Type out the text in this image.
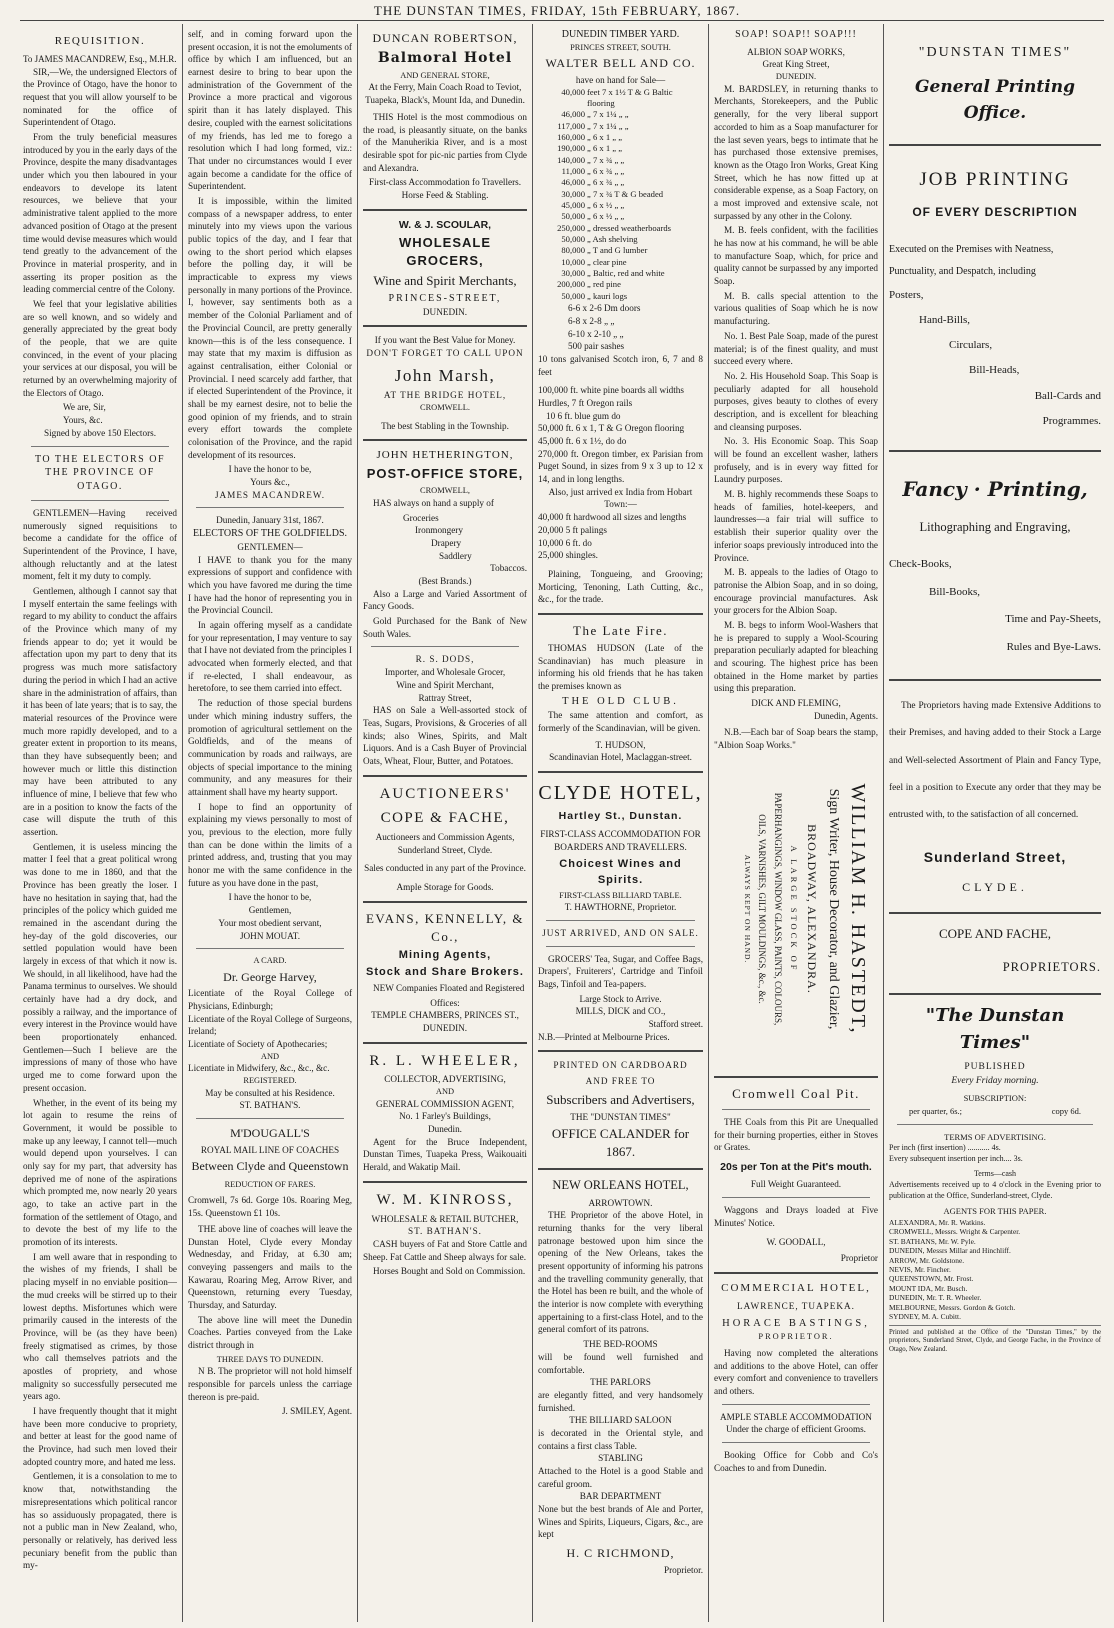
THE DUNSTAN TIMES, FRIDAY, 15th FEBRUARY, 1867.
REQUISITION.
To JAMES MACANDREW, Esq., M.H.R.
SIR,—We, the undersigned Electors of the Province of Otago, have the honor to request that you will allow yourself to be nominated for the office of Superintendent of Otago.
From the truly beneficial measures introduced by you in the early days of the Province, despite the many disadvantages under which you then laboured in your endeavors to develope its latent resources, we believe that your administrative talent applied to the more advanced position of Otago at the present time would devise measures which would tend greatly to the advancement of the Province in material prosperity, and in asserting its proper position as the leading commercial centre of the Colony.
We feel that your legislative abilities are so well known, and so widely and generally appreciated by the great body of the people, that we are quite convinced, in the event of your placing your services at our disposal, you will be returned by an overwhelming majority of the Electors of Otago.
We are, Sir,
Yours, &c.
Signed by above 150 Electors.
TO THE ELECTORS OF THE PROVINCE OF OTAGO.
GENTLEMEN—Having received numerously signed requisitions to become a candidate for the office of Superintendent of the Province, I have, although reluctantly and at the latest moment, felt it my duty to comply.
Gentlemen, although I cannot say that I myself entertain the same feelings with regard to my ability to conduct the affairs of the Province which many of my friends appear to do; yet it would be affectation upon my part to deny that its progress was much more satisfactory during the period in which I had an active share in the administration of affairs, than it has been of late years; that is to say, the material resources of the Province were much more rapidly developed, and to a greater extent in proportion to its means, than they have subsequently been; and however much or little this distinction may have been attributed to any influence of mine, I believe that few who are in a position to know the facts of the case will dispute the truth of this assertion.
Gentlemen, it is useless mincing the matter I feel that a great political wrong was done to me in 1860, and that the Province has been greatly the loser. I have no hesitation in saying that, had the principles of the policy which guided me remained in the ascendant during the hey-day of the gold discoveries, our settled population would have been largely in excess of that which it now is. We should, in all likelihood, have had the Panama terminus to ourselves. We should certainly have had a dry dock, and possibly a railway, and the importance of every interest in the Province would have been proportionately enhanced. Gentlemen—Such I believe are the impressions of many of those who have urged me to come forward upon the present occasion.
Whether, in the event of its being my lot again to resume the reins of Government, it would be possible to make up any leeway, I cannot tell—much would depend upon yourselves. I can only say for my part, that adversity has deprived me of none of the aspirations which prompted me, now nearly 20 years ago, to take an active part in the formation of the settlement of Otago, and to devote the best of my life to the promotion of its interests.
I am well aware that in responding to the wishes of my friends, I shall be placing myself in no enviable position—the mud creeks will be stirred up to their lowest depths. Misfortunes which were primarily caused in the interests of the Province, will be (as they have been) freely stigmatised as crimes, by those who call themselves patriots and the apostles of propriety, and whose malignity so successfully persecuted me years ago.
I have frequently thought that it might have been more conducive to propriety, and better at least for the good name of the Province, had such men loved their adopted country more, and hated me less.
Gentlemen, it is a consolation to me to know that, notwithstanding the misrepresentations which political rancor has so assiduously propagated, there is not a public man in New Zealand, who, personally or relatively, has derived less pecuniary benefit from the public than my-
self, and in coming forward upon the present occasion, it is not the emoluments of office by which I am influenced, but an earnest desire to bring to bear upon the administration of the Government of the Province a more practical and vigorous spirit than it has lately displayed. This desire, coupled with the earnest solicitations of my friends, has led me to forego a resolution which I had long formed, viz.: That under no circumstances would I ever again become a candidate for the office of Superintendent.
It is impossible, within the limited compass of a newspaper address, to enter minutely into my views upon the various public topics of the day, and I fear that owing to the short period which elapses before the polling day, it will be impracticable to express my views personally in many portions of the Province. I, however, say sentiments both as a member of the Colonial Parliament and of the Provincial Council, are pretty generally known—this is of the less consequence. I may state that my maxim is diffusion as against centralisation, either Colonial or Provincial. I need scarcely add farther, that if elected Superintendent of the Province, it shall be my earnest desire, not to belie the good opinion of my friends, and to strain every effort towards the complete colonisation of the Province, and the rapid development of its resources.
I have the honor to be,
Yours &c.,
JAMES MACANDREW.
Dunedin, January 31st, 1867.
ELECTORS OF THE GOLDFIELDS.
GENTLEMEN—
I HAVE to thank you for the many expressions of support and confidence with which you have favored me during the time I have had the honor of representing you in the Provincial Council.
In again offering myself as a candidate for your representation, I may venture to say that I have not deviated from the principles I advocated when formerly elected, and that if re-elected, I shall endeavour, as heretofore, to see them carried into effect.
The reduction of those special burdens under which mining industry suffers, the promotion of agricultural settlement on the Goldfields, and of the means of communication by roads and railways, are objects of special importance to the mining community, and any measures for their attainment shall have my hearty support.
I hope to find an opportunity of explaining my views personally to most of you, previous to the election, more fully than can be done within the limits of a printed address, and, trusting that you may honor me with the same confidence in the future as you have done in the past,
I have the honor to be,
Gentlemen,
Your most obedient servant,
JOHN MOUAT.
A CARD.
Dr. George Harvey,
Licentiate of the Royal College of Physicians, Edinburgh;
Licentiate of the Royal College of Surgeons, Ireland;
Licentiate of Society of Apothecaries;
AND
Licentiate in Midwifery, &c., &c., &c.
REGISTERED.
May be consulted at his Residence.
ST. BATHAN'S.
M'DOUGALL'S
ROYAL MAIL LINE OF COACHES
Between Clyde and Queenstown
REDUCTION OF FARES.
Cromwell, 7s 6d. Gorge 10s. Roaring Meg, 15s. Queenstown £1 10s.
THE above line of coaches will leave the Dunstan Hotel, Clyde every Monday Wednesday, and Friday, at 6.30 am; conveying passengers and mails to the Kawarau, Roaring Meg, Arrow River, and Queenstown, returning every Tuesday, Thursday, and Saturday.
The above line will meet the Dunedin Coaches. Parties conveyed from the Lake district through in
THREE DAYS TO DUNEDIN.
N B. The proprietor will not hold himself responsible for parcels unless the carriage thereon is pre-paid.
J. SMILEY, Agent.
DUNCAN ROBERTSON,
Balmoral Hotel
AND GENERAL STORE,
At the Ferry, Main Coach Road to Teviot, Tuapeka, Black's, Mount Ida, and Dunedin.
THIS Hotel is the most commodious on the road, is pleasantly situate, on the banks of the Manuherikia River, and is a most desirable spot for pic-nic parties from Clyde and Alexandra.
First-class Accommodation fo Travellers.
Horse Feed & Stabling.
W. & J. SCOULAR,
WHOLESALE GROCERS,
Wine and Spirit Merchants,
PRINCES-STREET,
DUNEDIN.
If you want the Best Value for Money.
DON'T FORGET TO CALL UPON
John Marsh,
AT THE BRIDGE HOTEL,
CROMWELL.
The best Stabling in the Township.
JOHN HETHERINGTON,
POST-OFFICE STORE,
CROMWELL,
HAS always on hand a supply of
Groceries
Ironmongery
Drapery
Saddlery
Tobaccos.
(Best Brands.)
Also a Large and Varied Assortment of Fancy Goods.
Gold Purchased for the Bank of New South Wales.
R. S. DODS,
Importer, and Wholesale Grocer,
Wine and Spirit Merchant,
Rattray Street,
HAS on Sale a Well-assorted stock of Teas, Sugars, Provisions, & Groceries of all kinds; also Wines, Spirits, and Malt Liquors. And is a Cash Buyer of Provincial Oats, Wheat, Flour, Butter, and Potatoes.
AUCTIONEERS'
COPE & FACHE,
Auctioneers and Commission Agents,
Sunderland Street, Clyde.
Sales conducted in any part of the Province.
Ample Storage for Goods.
EVANS, KENNELLY, & Co.,
Mining Agents,
Stock and Share Brokers.
NEW Companies Floated and Registered
Offices:
TEMPLE CHAMBERS, PRINCES ST.,
DUNEDIN.
R. L. WHEELER,
COLLECTOR, ADVERTISING,
AND
GENERAL COMMISSION AGENT,
No. 1 Farley's Buildings,
Dunedin.
Agent for the Bruce Independent, Dunstan Times, Tuapeka Press, Waikouaiti Herald, and Wakatip Mail.
W. M. KINROSS,
WHOLESALE & RETAIL BUTCHER,
ST. BATHAN'S.
CASH buyers of Fat and Store Cattle and Sheep. Fat Cattle and Sheep always for sale.
Horses Bought and Sold on Commission.
DUNEDIN TIMBER YARD.
PRINCES STREET, SOUTH.
WALTER BELL AND CO.
have on hand for Sale—
40,000	feet 7 x 1½ T & G Baltic flooring
46,000	„ 7 x 1¼ „ „
117,000	„ 7 x 1¼ „ „
160,000	„ 6 x 1 „ „
190,000	„ 6 x 1 „ „
140,000	„ 7 x ¾ „ „
11,000	„ 6 x ¾ „ „
46,000	„ 6 x ¾ „ „
30,000	„ 7 x ¾ T & G beaded
45,000	„ 6 x ½ „ „
50,000	„ 6 x ½ „ „
250,000	„ dressed weatherboards
50,000	„ Ash shelving
80,000	„ T and G lumber
10,000	„ clear pine
30,000	„ Baltic, red and white
200,000	„ red pine
50,000	„ kauri logs
6-6 x 2-6 Dm doors
6-8 x 2-8 „ „
6-10 x 2-10 „ „
500 pair sashes
10 tons galvanised Scotch iron, 6, 7 and 8 feet
100,000 ft. white pine boards all widths
Hurdles, 7 ft Oregon rails
10 6 ft. blue gum do
50,000 ft. 6 x 1, T & G Oregon flooring
45,000 ft. 6 x 1½, do do
270,000 ft. Oregon timber, ex Parisian from Puget Sound, in sizes from 9 x 3 up to 12 x 14, and in long lengths.
Also, just arrived ex India from Hobart Town:—
40,000 ft hardwood all sizes and lengths
20,000 5 ft palings
10,000 6 ft. do
25,000 shingles.
Plaining, Tongueing, and Grooving; Morticing, Tenoning, Lath Cutting, &c., &c., for the trade.
The Late Fire.
THOMAS HUDSON (Late of the Scandinavian) has much pleasure in informing his old friends that he has taken the premises known as
THE OLD CLUB.
The same attention and comfort, as formerly of the Scandinavian, will be given.
T. HUDSON,
Scandinavian Hotel, Maclaggan-street.
CLYDE HOTEL,
Hartley St., Dunstan.
FIRST-CLASS ACCOMMODATION FOR BOARDERS AND TRAVELLERS.
Choicest Wines and Spirits.
FIRST-CLASS BILLIARD TABLE.
T. HAWTHORNE, Proprietor.
JUST ARRIVED, AND ON SALE.
GROCERS' Tea, Sugar, and Coffee Bags, Drapers', Fruiterers', Cartridge and Tinfoil Bags, Tinfoil and Tea-papers.
Large Stock to Arrive.
MILLS, DICK and CO.,
Stafford street.
N.B.—Printed at Melbourne Prices.
PRINTED ON CARDBOARD
AND FREE TO
Subscribers and Advertisers,
THE "DUNSTAN TIMES"
OFFICE CALANDER for 1867.
NEW ORLEANS HOTEL,
ARROWTOWN.
THE Proprietor of the above Hotel, in returning thanks for the very liberal patronage bestowed upon him since the opening of the New Orleans, takes the present opportunity of informing his patrons and the travelling community generally, that the Hotel has been re built, and the whole of the interior is now complete with everything appertaining to a first-class Hotel, and to the general comfort of its patrons.
THE BED-ROOMS
will be found well furnished and comfortable.
THE PARLORS
are elegantly fitted, and very handsomely furnished.
THE BILLIARD SALOON
is decorated in the Oriental style, and contains a first class Table.
STABLING
Attached to the Hotel is a good Stable and careful groom.
BAR DEPARTMENT
None but the best brands of Ale and Porter, Wines and Spirits, Liqueurs, Cigars, &c., are kept
H. C RICHMOND,
Proprietor.
SOAP! SOAP!! SOAP!!!
ALBION SOAP WORKS,
Great King Street,
DUNEDIN.
M. BARDSLEY, in returning thanks to Merchants, Storekeepers, and the Public generally, for the very liberal support accorded to him as a Soap manufacturer for the last seven years, begs to intimate that he has purchased those extensive premises, known as the Otago Iron Works, Great King Street, which he has now fitted up at considerable expense, as a Soap Factory, on a most improved and extensive scale, not surpassed by any other in the Colony.
M. B. feels confident, with the facilities he has now at his command, he will be able to manufacture Soap, which, for price and quality cannot be surpassed by any imported Soap.
M. B. calls special attention to the various qualities of Soap which he is now manufacturing.
No. 1. Best Pale Soap, made of the purest material; is of the finest quality, and must succeed every where.
No. 2. His Household Soap. This Soap is peculiarly adapted for all household purposes, gives beauty to clothes of every description, and is excellent for bleaching and cleansing purposes.
No. 3. His Economic Soap. This Soap will be found an excellent washer, lathers profusely, and is in every way fitted for Laundry purposes.
M. B. highly recommends these Soaps to heads of families, hotel-keepers, and laundresses—a fair trial will suffice to establish their superior quality over the inferior soaps previously introduced into the Province.
M. B. appeals to the ladies of Otago to patronise the Albion Soap, and in so doing, encourage provincial manufactures. Ask your grocers for the Albion Soap.
M. B. begs to inform Wool-Washers that he is prepared to supply a Wool-Scouring preparation peculiarly adapted for bleaching and scouring. The highest price has been obtained in the Home market by parties using this preparation.
DICK AND FLEMING,
Dunedin, Agents.
N.B.—Each bar of Soap bears the stamp, "Albion Soap Works."
WILLIAM H. HASTEDT,
Sign Writer, House Decorator, and Glazier,
BROADWAY, ALEXANDRA.
A LARGE STOCK OF
PAPERHANGINGS, WINDOW GLASS, PAINTS, COLOURS,
OILS, VARNISHES, GILT MOULDINGS, &c., &c.
ALWAYS KEPT ON HAND.
Cromwell Coal Pit.
THE Coals from this Pit are Unequalled for their burning properties, either in Stoves or Grates.
20s per Ton at the Pit's mouth.
Full Weight Guaranteed.
Waggons and Drays loaded at Five Minutes' Notice.
W. GOODALL,
Proprietor
COMMERCIAL HOTEL,
LAWRENCE, TUAPEKA.
HORACE BASTINGS,
PROPRIETOR.
Having now completed the alterations and additions to the above Hotel, can offer every comfort and convenience to travellers and others.
AMPLE STABLE ACCOMMODATION
Under the charge of efficient Grooms.
Booking Office for Cobb and Co's Coaches to and from Dunedin.
"DUNSTAN TIMES"
General Printing Office.
JOB PRINTING
OF EVERY DESCRIPTION
Executed on the Premises with Neatness, Punctuality, and Despatch, including
Posters,
Hand-Bills,
Circulars,
Bill-Heads,
Ball-Cards and
Programmes.
Fancy · Printing,
Lithographing and Engraving,
Check-Books,
Bill-Books,
Time and Pay-Sheets,
Rules and Bye-Laws.
The Proprietors having made Extensive Additions to their Premises, and having added to their Stock a Large and Well-selected Assortment of Plain and Fancy Type, feel in a position to Execute any order that they may be entrusted with, to the satisfaction of all concerned.
Sunderland Street,
CLYDE.
COPE AND FACHE,
PROPRIETORS.
"The Dunstan Times"
PUBLISHED
Every Friday morning.
SUBSCRIPTION:
per quarter, 6s.;	copy 6d.
TERMS OF ADVERTISING.
Per inch (first insertion) ........... 4s.
Every subsequent insertion per inch.... 3s.
Terms—cash
Advertisements received up to 4 o'clock in the Evening prior to publication at the Office, Sunderland-street, Clyde.
AGENTS FOR THIS PAPER.
ALEXANDRA, Mr. R. Watkins.
CROMWELL, Messrs. Wright & Carpenter.
ST. BATHANS, Mr. W. Pyle.
DUNEDIN, Messrs Millar and Hinchliff.
ARROW, Mr. Goldstone.
NEVIS, Mr. Fincher.
QUEENSTOWN, Mr. Frost.
MOUNT IDA, Mr. Busch.
DUNEDIN, Mr. T. R. Wheeler.
MELBOURNE, Messrs. Gordon & Gotch.
SYDNEY, M. A. Cubitt.
Printed and published at the Office of the "Dunstan Times," by the proprietors, Sunderland Street, Clyde, and George Fache, in the Province of Otago, New Zealand.
